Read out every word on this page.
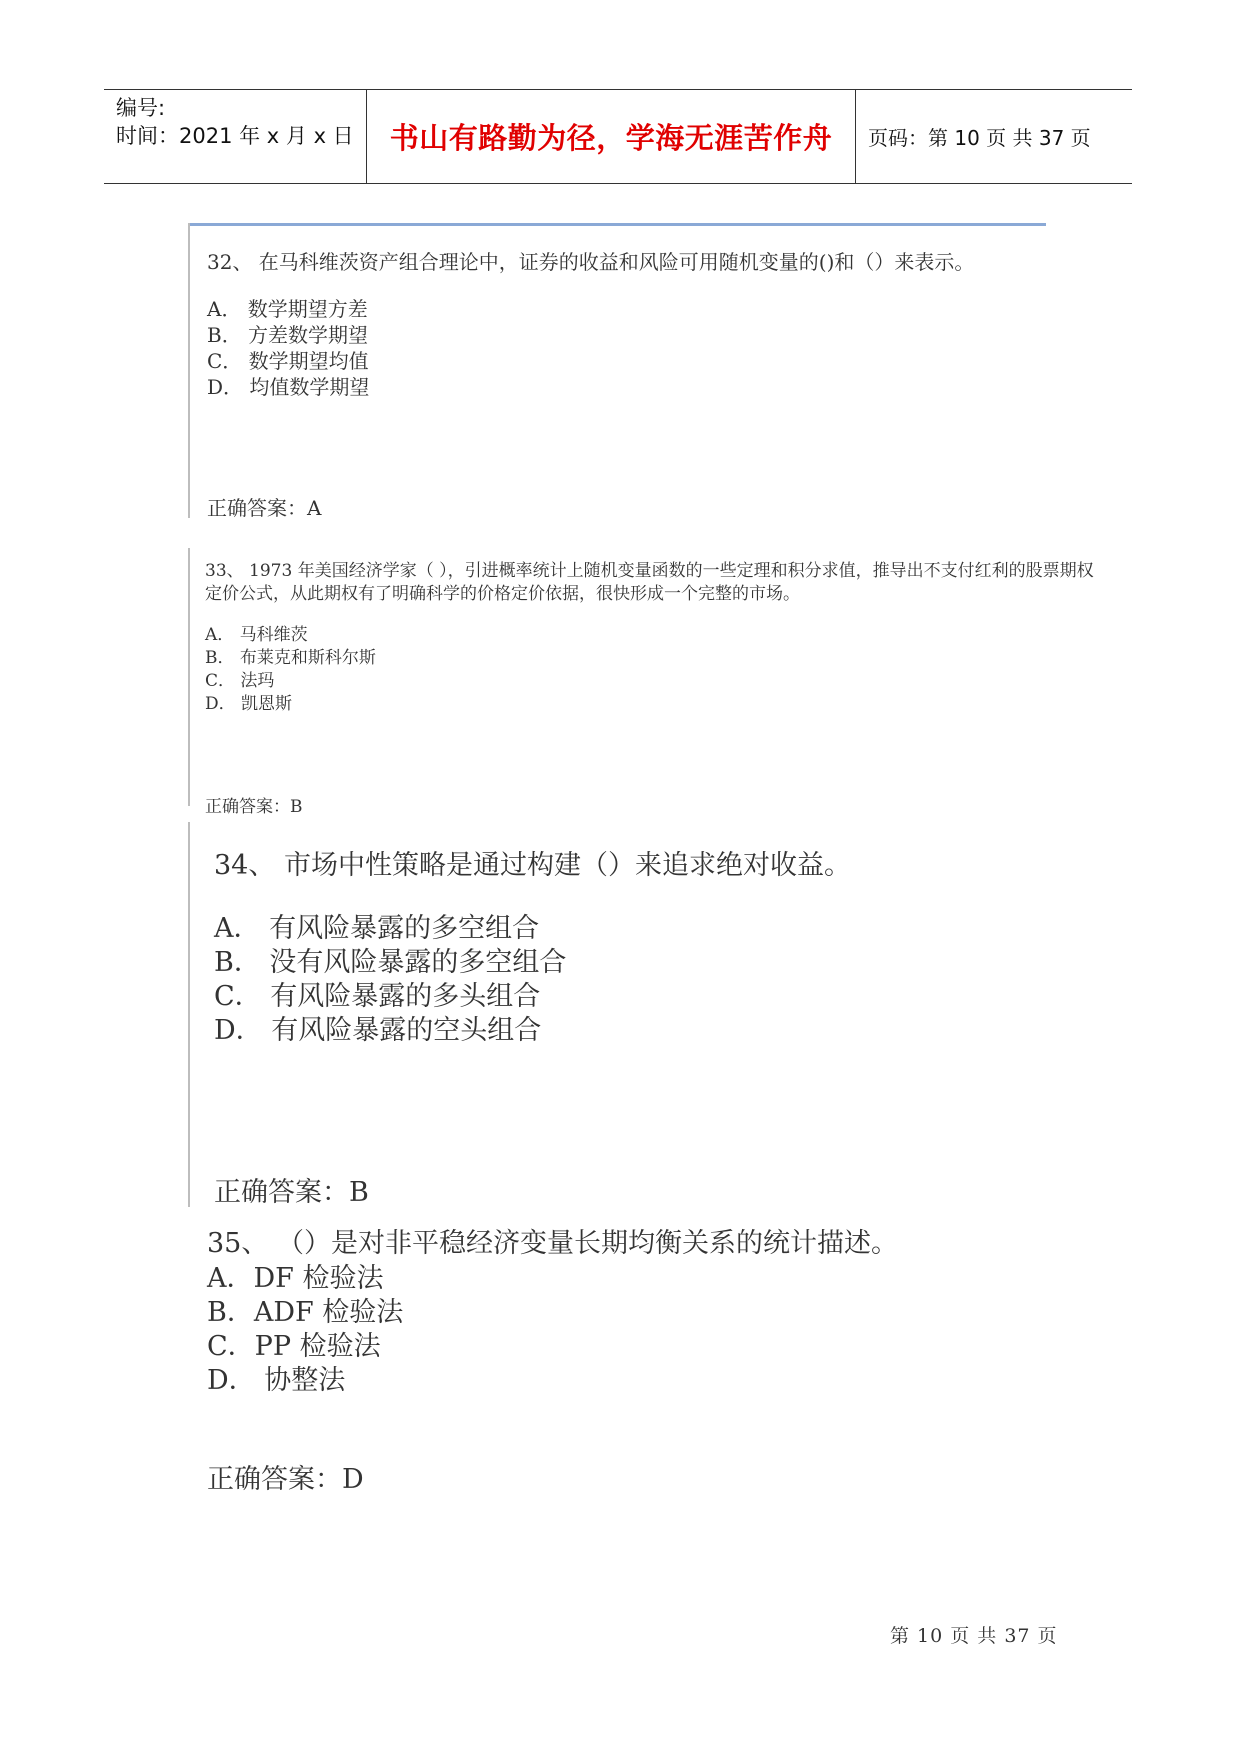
编号:
时间：2021 年 x 月 x 日 书山有路勤为径，学海无涯苦作舟 页码：第 10 页 共 37 页
32、 在马科维茨资产组合理论中，证券的收益和风险可用随机变量的()和（）来表示。
A． 数学期望方差
B． 方差数学期望
C． 数学期望均值
D． 均值数学期望
正确答案：A
33、 1973 年美国经济学家（ ），引进概率统计上随机变量函数的一些定理和积分求值，推导出不支付红利的股票期权
定价公式，从此期权有了明确科学的价格定价依据，很快形成一个完整的市场。
A． 马科维茨
B． 布莱克和斯科尔斯
C． 法玛
D． 凯恩斯
正确答案：B
34、 市场中性策略是通过构建（）来追求绝对收益。
A． 有风险暴露的多空组合
B． 没有风险暴露的多空组合
C． 有风险暴露的多头组合
D． 有风险暴露的空头组合
正确答案：B
35、 （）是对非平稳经济变量长期均衡关系的统计描述。
A．DF 检验法
B．ADF 检验法
C．PP 检验法
D． 协整法
正确答案：D
第 10 页 共 37 页
